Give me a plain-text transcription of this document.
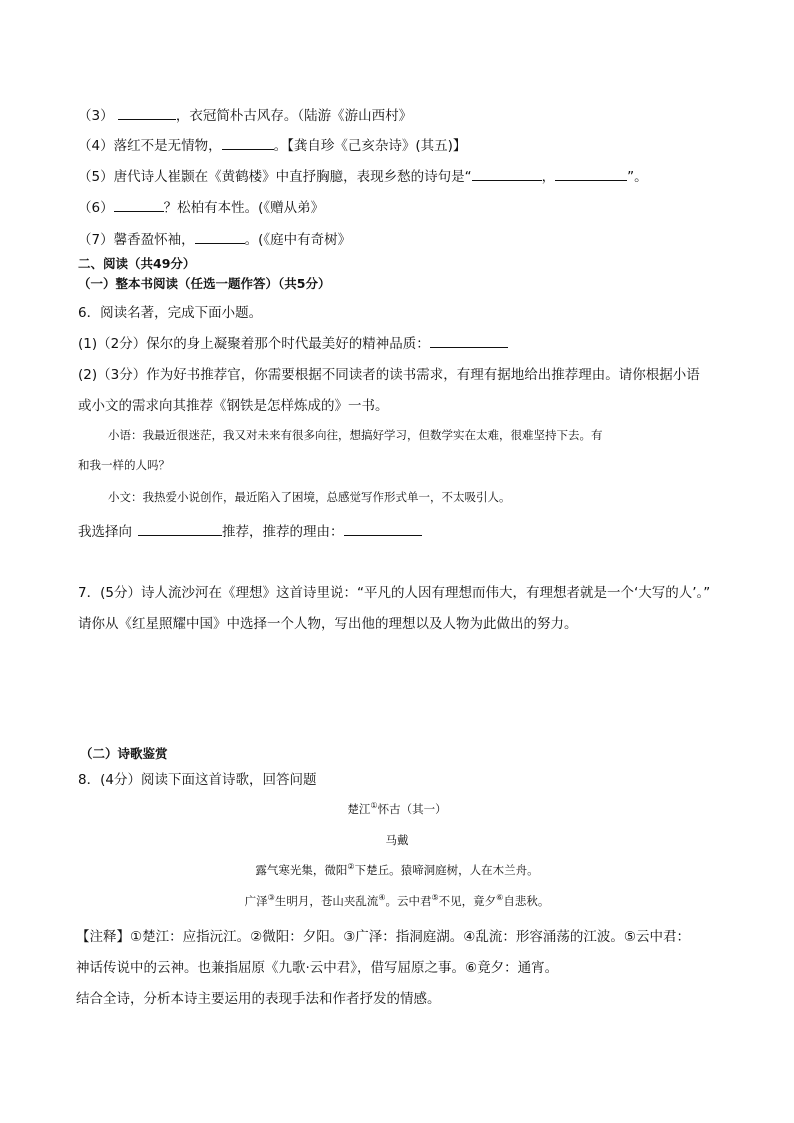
（3）	，衣冠简朴古风存。（陆游《游山西村》
（4）落红不是无情物，	。【龚自珍《己亥杂诗》(其五)】
（5）唐代诗人崔颢在《黄鹤楼》中直抒胸臆，表现乡愁的诗句是“	，	”。
（6）	？松柏有本性。(《赠从弟》
（7）馨香盈怀袖，	。(《庭中有奇树》
二、阅读（共49分）
（一）整本书阅读（任选一题作答）（共5分）
6．阅读名著，完成下面小题。
(1)（2分）保尔的身上凝聚着那个时代最美好的精神品质：
(2)（3分）作为好书推荐官，你需要根据不同读者的读书需求，有理有据地给出推荐理由。请你根据小语
或小文的需求向其推荐《钢铁是怎样炼成的》一书。
小语：我最近很迷茫，我又对未来有很多向往，想搞好学习，但数学实在太难，很难坚持下去。有
和我一样的人吗？
小文：我热爱小说创作，最近陷入了困境，总感觉写作形式单一，不太吸引人。
我选择向	推荐，推荐的理由：
7．(5分）诗人流沙河在《理想》这首诗里说：“平凡的人因有理想而伟大，有理想者就是一个‘大写的人’。”
请你从《红星照耀中国》中选择一个人物，写出他的理想以及人物为此做出的努力。
（二）诗歌鉴赏
8．(4分）阅读下面这首诗歌，回答问题
楚江①怀古（其一）
马戴
露气寒光集，微阳②下楚丘。猿啼洞庭树，人在木兰舟。
广泽③生明月，苍山夹乱流④。云中君⑤不见，竟夕⑥自悲秋。
【注释】①楚江：应指沅江。②微阳：夕阳。③广泽：指洞庭湖。④乱流：形容涌荡的江波。⑤云中君：
神话传说中的云神。也兼指屈原《九歌·云中君》，借写屈原之事。⑥竟夕：通宵。
结合全诗，分析本诗主要运用的表现手法和作者抒发的情感。
